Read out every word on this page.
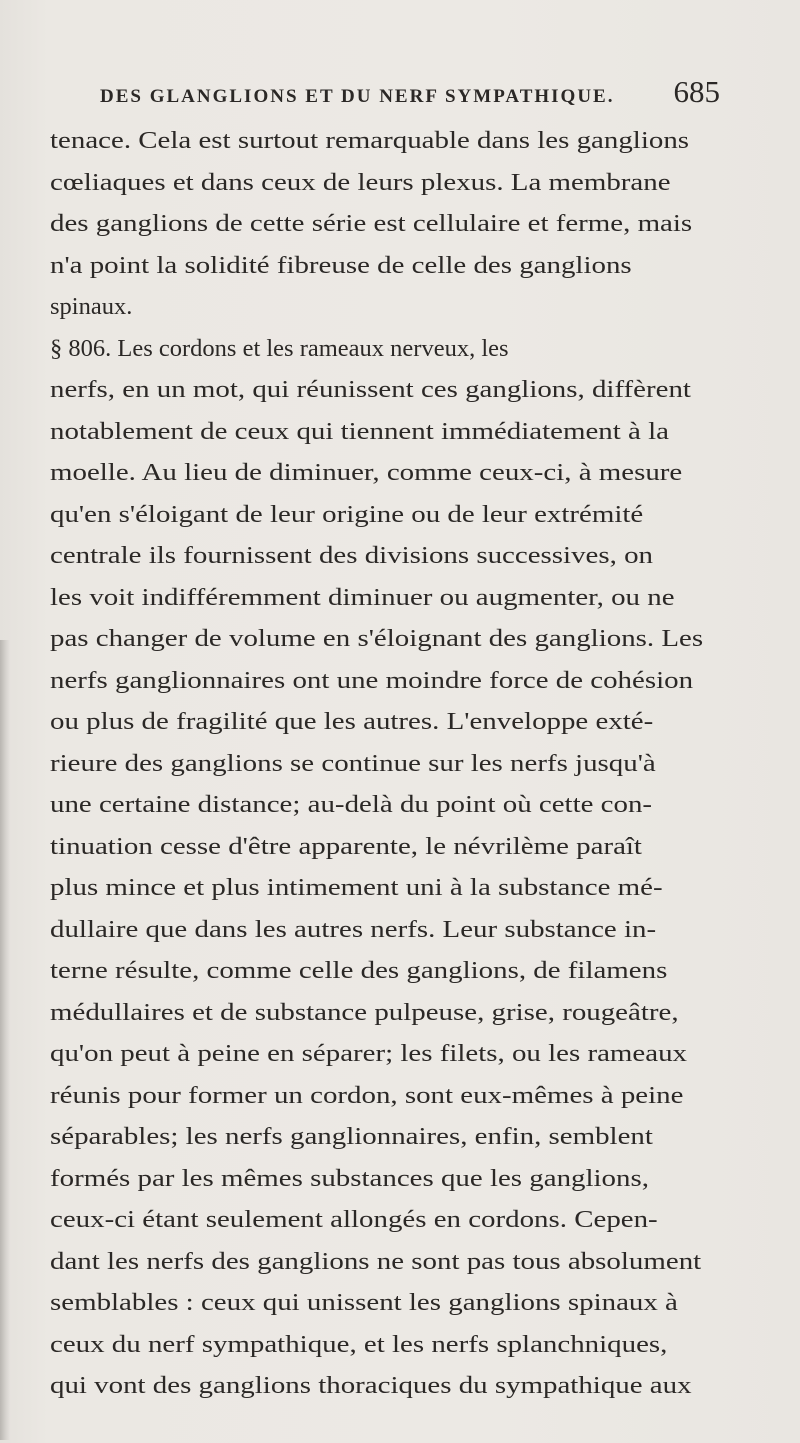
DES GLANGLIONS ET DU NERF SYMPATHIQUE. 685
tenace. Cela est surtout remarquable dans les ganglions
cœliaques et dans ceux de leurs plexus. La membrane
des ganglions de cette série est cellulaire et ferme, mais
n'a point la solidité fibreuse de celle des ganglions
spinaux.
§ 806. Les cordons et les rameaux nerveux, les
nerfs, en un mot, qui réunissent ces ganglions, diffèrent
notablement de ceux qui tiennent immédiatement à la
moelle. Au lieu de diminuer, comme ceux-ci, à mesure
qu'en s'éloigant de leur origine ou de leur extrémité
centrale ils fournissent des divisions successives, on
les voit indifféremment diminuer ou augmenter, ou ne
pas changer de volume en s'éloignant des ganglions. Les
nerfs ganglionnaires ont une moindre force de cohésion
ou plus de fragilité que les autres. L'enveloppe exté-
rieure des ganglions se continue sur les nerfs jusqu'à
une certaine distance; au-delà du point où cette con-
tinuation cesse d'être apparente, le névrilème paraît
plus mince et plus intimement uni à la substance mé-
dullaire que dans les autres nerfs. Leur substance in-
terne résulte, comme celle des ganglions, de filamens
médullaires et de substance pulpeuse, grise, rougeâtre,
qu'on peut à peine en séparer; les filets, ou les rameaux
réunis pour former un cordon, sont eux-mêmes à peine
séparables; les nerfs ganglionnaires, enfin, semblent
formés par les mêmes substances que les ganglions,
ceux-ci étant seulement allongés en cordons. Cepen-
dant les nerfs des ganglions ne sont pas tous absolument
semblables : ceux qui unissent les ganglions spinaux à
ceux du nerf sympathique, et les nerfs splanchniques,
qui vont des ganglions thoraciques du sympathique aux
